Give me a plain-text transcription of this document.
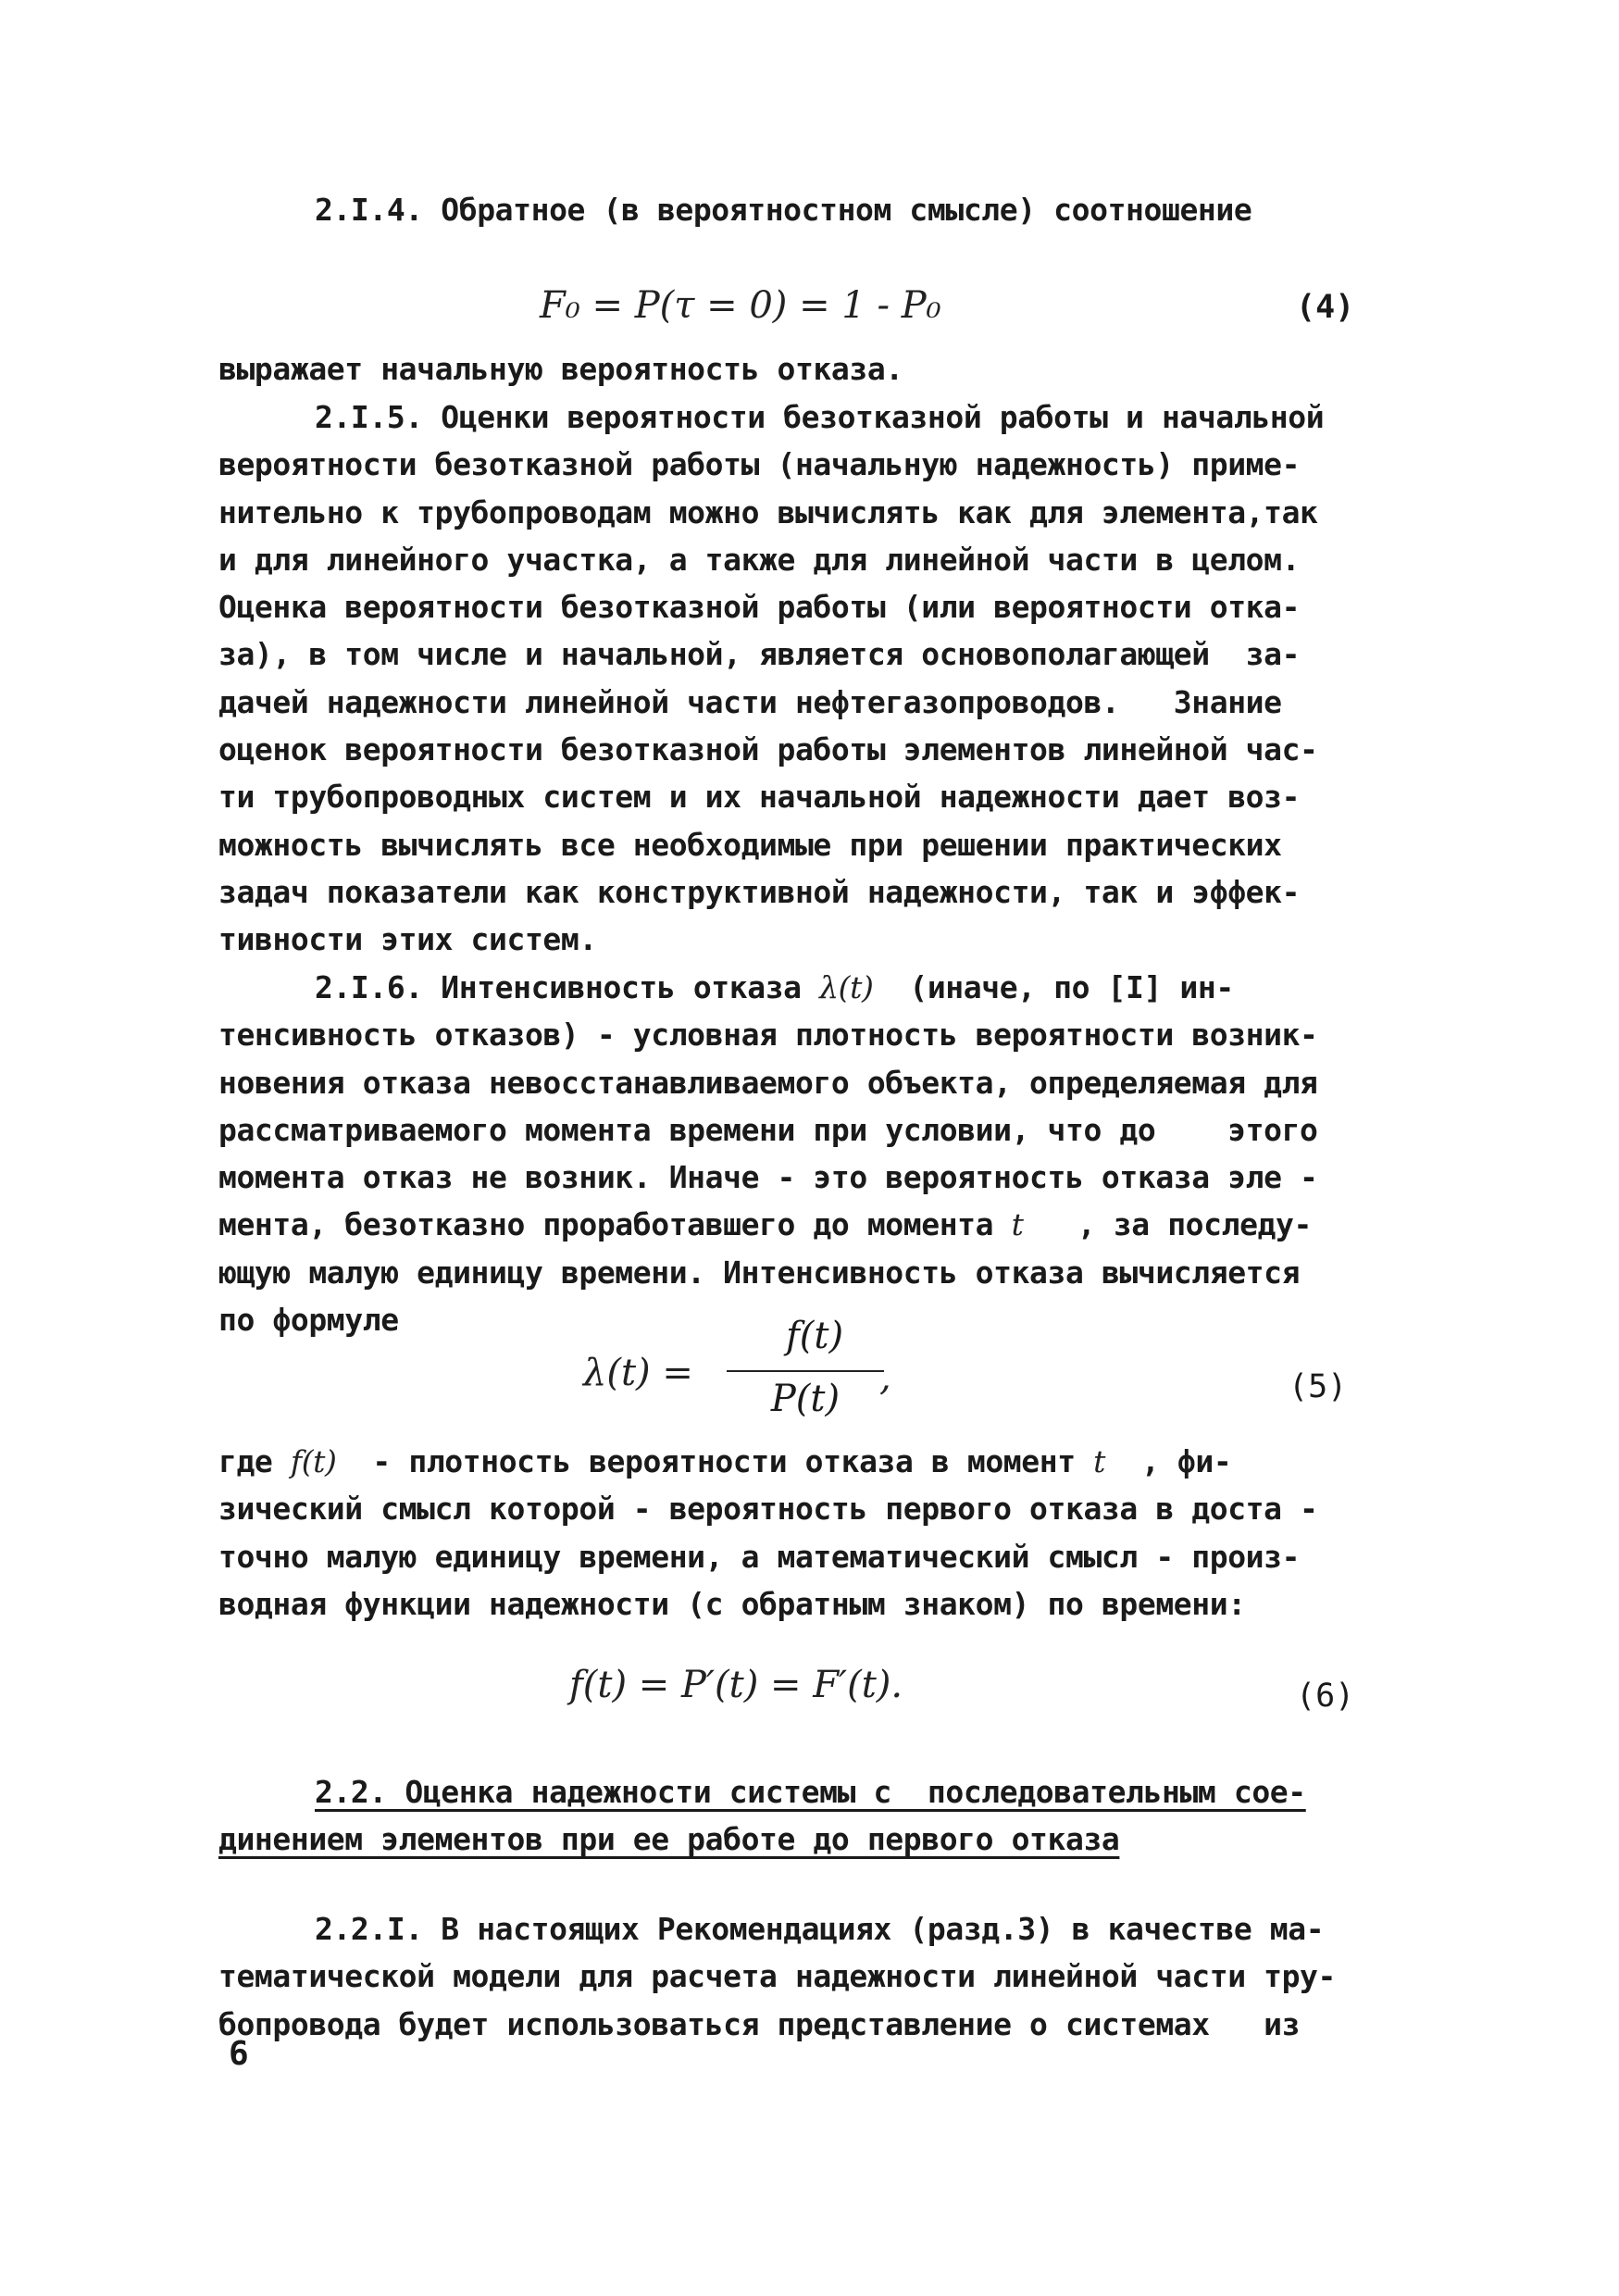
2.I.4. Обратное (в вероятностном смысле) соотношение
F₀ = P(τ = 0) = 1 - P₀	(4)
выражает начальную вероятность отказа.
2.I.5. Оценки вероятности безотказной работы и начальной
вероятности безотказной работы (начальную надежность) приме-
нительно к трубопроводам можно вычислять как для элемента,так
и для линейного участка, а также для линейной части в целом.
Оценка вероятности безотказной работы (или вероятности отка-
за), в том числе и начальной, является основополагающей  за-
дачей надежности линейной части нефтегазопроводов.   Знание
оценок вероятности безотказной работы элементов линейной час-
ти трубопроводных систем и их начальной надежности дает воз-
можность вычислять все необходимые при решении практических
задач показатели как конструктивной надежности, так и эффек-
тивности этих систем.
2.I.6. Интенсивность отказа λ(t)  (иначе, по [I] ин-
тенсивность отказов) - условная плотность вероятности возник-
новения отказа невосстанавливаемого объекта, определяемая для
рассматриваемого момента времени при условии, что до    этого
момента отказ не возник. Иначе - это вероятность отказа эле -
мента, безотказно проработавшего до момента t   , за последу-
ющую малую единицу времени. Интенсивность отказа вычисляется
по формуле
λ(t) =
f(t)
P(t)	,	(5)
где f(t)  - плотность вероятности отказа в момент t  , фи-
зический смысл которой - вероятность первого отказа в доста -
точно малую единицу времени, а математический смысл - произ-
водная функции надежности (с обратным знаком) по времени:
f(t) = P′(t) = F′(t).	(6)
2.2. Оценка надежности системы с  последовательным сое-
динением элементов при ее работе до первого отказа
2.2.I. В настоящих Рекомендациях (разд.3) в качестве ма-
тематической модели для расчета надежности линейной части тру-
бопровода будет использоваться представление о системах   из
6
